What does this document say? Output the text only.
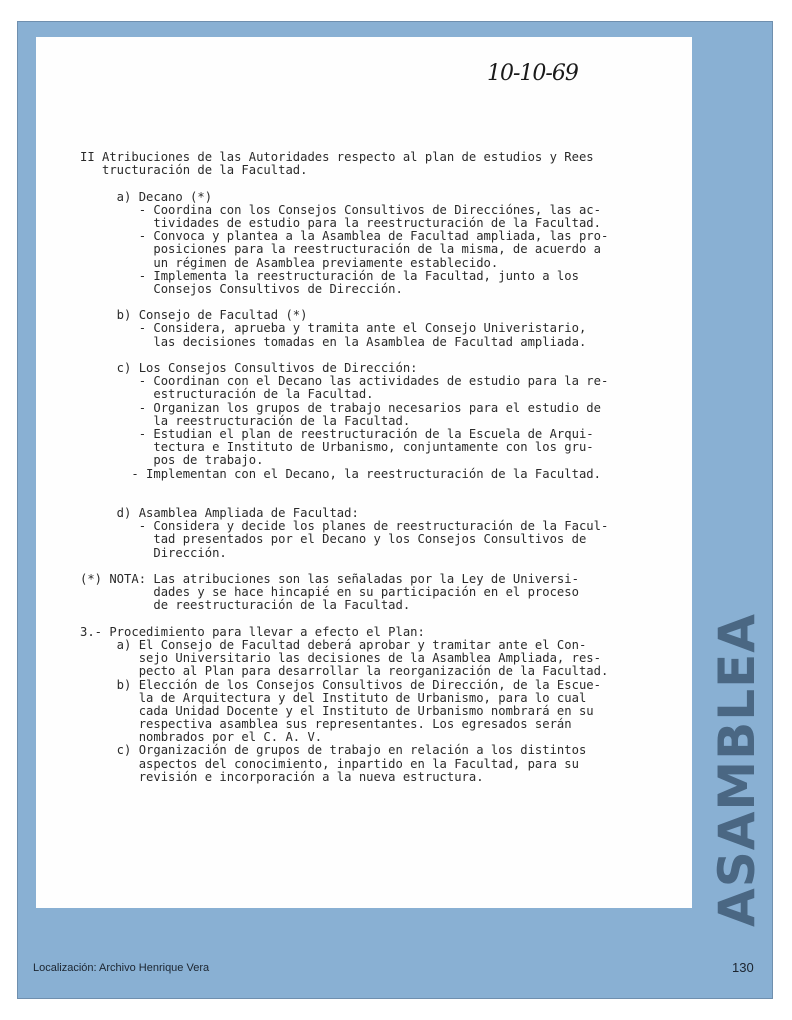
10-10-69
II Atribuciones de las Autoridades respecto al plan de estudios y Rees
tructuración de la Facultad.
a) Decano (*)
- Coordina con los Consejos Consultivos de Direcciónes, las ac-
tividades de estudio para la reestructuración de la Facultad.
- Convoca y plantea a la Asamblea de Facultad ampliada, las pro-
posiciones para la reestructuración de la misma, de acuerdo a
un régimen de Asamblea previamente establecido.
- Implementa la reestructuración de la Facultad, junto a los
Consejos Consultivos de Dirección.
b) Consejo de Facultad (*)
- Considera, aprueba y tramita ante el Consejo Univeristario,
las decisiones tomadas en la Asamblea de Facultad ampliada.
c) Los Consejos Consultivos de Dirección:
- Coordinan con el Decano las actividades de estudio para la re-
estructuración de la Facultad.
- Organizan los grupos de trabajo necesarios para el estudio de
la reestructuración de la Facultad.
- Estudian el plan de reestructuración de la Escuela de Arqui-
tectura e Instituto de Urbanismo, conjuntamente con los gru-
pos de trabajo.
- Implementan con el Decano, la reestructuración de la Facultad.
d) Asamblea Ampliada de Facultad:
- Considera y decide los planes de reestructuración de la Facul-
tad presentados por el Decano y los Consejos Consultivos de
Dirección.
(*) NOTA: Las atribuciones son las señaladas por la Ley de Universi-
dades y se hace hincapié en su participación en el proceso
de reestructuración de la Facultad.
3.- Procedimiento para llevar a efecto el Plan:
a) El Consejo de Facultad deberá aprobar y tramitar ante el Con-
sejo Universitario las decisiones de la Asamblea Ampliada, res-
pecto al Plan para desarrollar la reorganización de la Facultad.
b) Elección de los Consejos Consultivos de Dirección, de la Escue-
la de Arquitectura y del Instituto de Urbanismo, para lo cual
cada Unidad Docente y el Instituto de Urbanismo nombrará en su
respectiva asamblea sus representantes. Los egresados serán
nombrados por el C. A. V.
c) Organización de grupos de trabajo en relación a los distintos
aspectos del conocimiento, inpartido en la Facultad, para su
revisión e incorporación a la nueva estructura.	ASAMBLEA
Localización: Archivo Henrique Vera	130
